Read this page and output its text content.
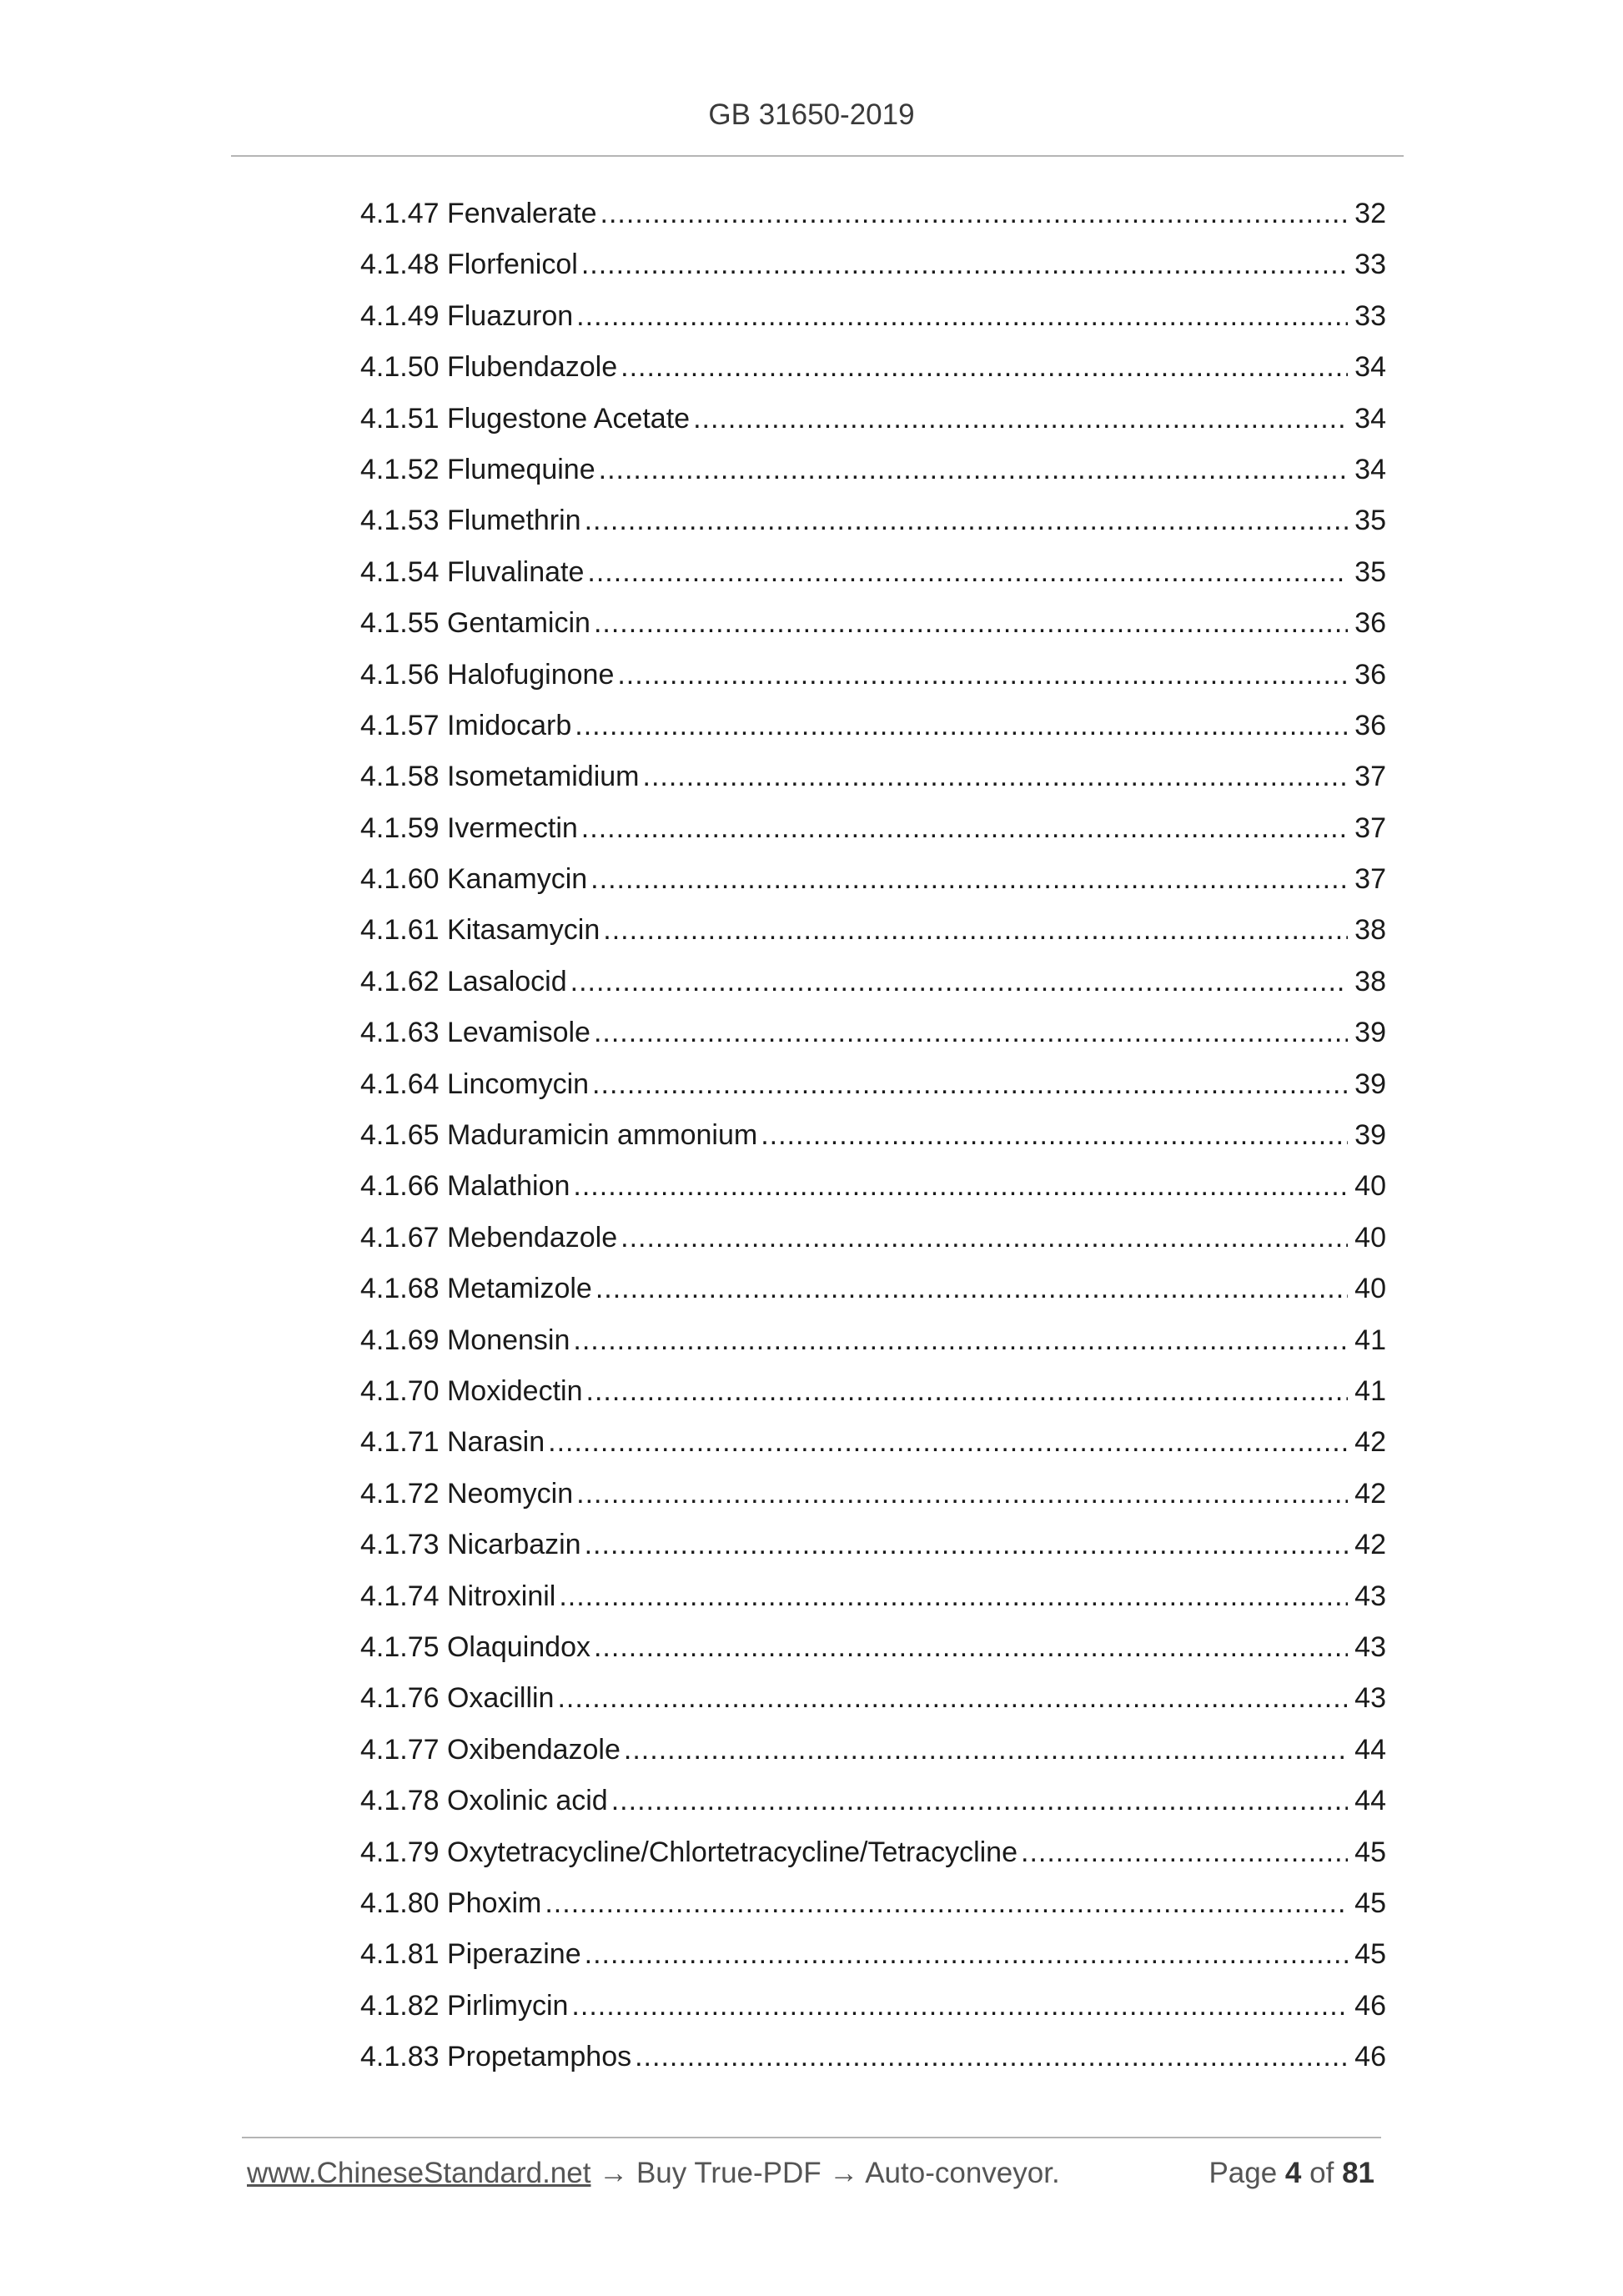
GB 31650-2019
4.1.47 Fenvalerate .....	32
4.1.48 Florfenicol .....	33
4.1.49 Fluazuron .....	33
4.1.50 Flubendazole .....	34
4.1.51 Flugestone Acetate .....	34
4.1.52 Flumequine .....	34
4.1.53 Flumethrin .....	35
4.1.54 Fluvalinate .....	35
4.1.55 Gentamicin .....	36
4.1.56 Halofuginone .....	36
4.1.57 Imidocarb .....	36
4.1.58 Isometamidium .....	37
4.1.59 Ivermectin .....	37
4.1.60 Kanamycin .....	37
4.1.61 Kitasamycin .....	38
4.1.62 Lasalocid .....	38
4.1.63 Levamisole .....	39
4.1.64 Lincomycin .....	39
4.1.65 Maduramicin ammonium .....	39
4.1.66 Malathion .....	40
4.1.67 Mebendazole .....	40
4.1.68 Metamizole .....	40
4.1.69 Monensin .....	41
4.1.70 Moxidectin .....	41
4.1.71 Narasin .....	42
4.1.72 Neomycin .....	42
4.1.73 Nicarbazin .....	42
4.1.74 Nitroxinil .....	43
4.1.75 Olaquindox .....	43
4.1.76 Oxacillin .....	43
4.1.77 Oxibendazole .....	44
4.1.78 Oxolinic acid .....	44
4.1.79 Oxytetracycline/Chlortetracycline/Tetracycline .....	45
4.1.80 Phoxim .....	45
4.1.81 Piperazine .....	45
4.1.82 Pirlimycin .....	46
4.1.83 Propetamphos .....	46
www.ChineseStandard.net → Buy True-PDF → Auto-conveyor.	Page 4 of 81
